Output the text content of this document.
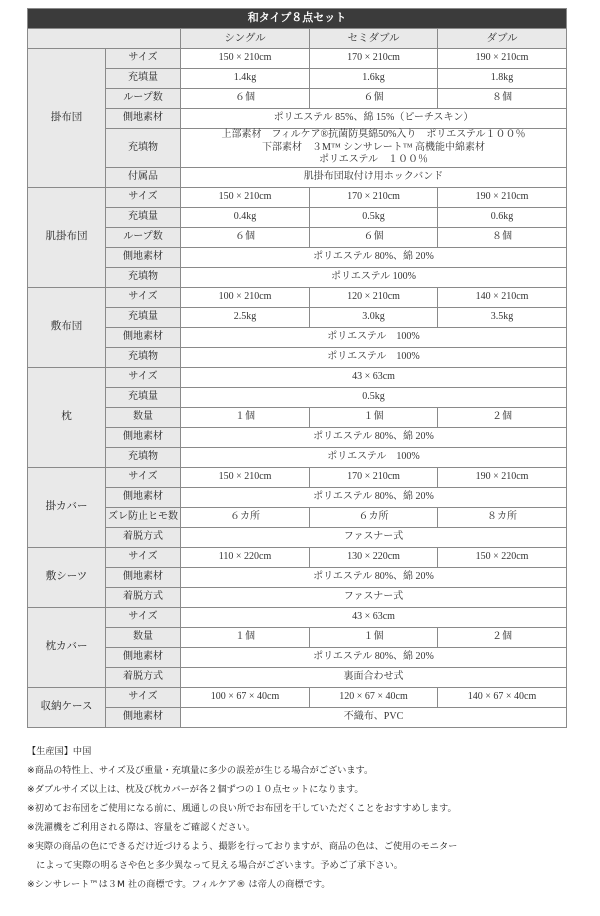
和タイプ８点セット				
		シングル	セミダブル	ダブル
掛布団	サイズ	150 × 210cm	170 × 210cm	190 × 210cm
	充填量	1.4kg	1.6kg	1.8kg
	ループ数	６個	６個	８個
	側地素材	ポリエステル 85%、綿 15%（ピーチスキン）		
	充填物	上部素材　フィルケア®抗菌防臭綿50%入り　ポリエステル１００％
下部素材　３M™ シンサレート™ 高機能中綿素材
ポリエステル　１００％		

	付属品	肌掛布団取付け用ホックバンド		
肌掛布団	サイズ	150 × 210cm	170 × 210cm	190 × 210cm
	充填量	0.4kg	0.5kg	0.6kg
	ループ数	６個	６個	８個
	側地素材	ポリエステル 80%、綿 20%		
	充填物	ポリエステル 100%		
敷布団	サイズ	100 × 210cm	120 × 210cm	140 × 210cm
	充填量	2.5kg	3.0kg	3.5kg
	側地素材	ポリエステル　100%		
	充填物	ポリエステル　100%		
枕	サイズ	43 × 63cm		
	充填量	0.5kg		
	数量	１個	１個	２個
	側地素材	ポリエステル 80%、綿 20%		
	充填物	ポリエステル　100%		
掛カバー	サイズ	150 × 210cm	170 × 210cm	190 × 210cm
	側地素材	ポリエステル 80%、綿 20%		
	ズレ防止ヒモ数	６カ所	６カ所	８カ所
	着脱方式	ファスナー式		
敷シーツ	サイズ	110 × 220cm	130 × 220cm	150 × 220cm
	側地素材	ポリエステル 80%、綿 20%		
	着脱方式	ファスナー式		
枕カバー	サイズ	43 × 63cm		
	数量	１個	１個	２個
	側地素材	ポリエステル 80%、綿 20%		
	着脱方式	裏面合わせ式		
収納ケース	サイズ	100 × 67 × 40cm	120 × 67 × 40cm	140 × 67 × 40cm
	側地素材	不織布、PVC		
【生産国】中国
※商品の特性上、サイズ及び重量・充填量に多少の誤差が生じる場合がございます。
※ダブルサイズ以上は、枕及び枕カバーが各２個ずつの１０点セットになります。
※初めてお布団をご使用になる前に、風通しの良い所でお布団を干していただくことをおすすめします。
※洗濯機をご利用される際は、容量をご確認ください。
※実際の商品の色にできるだけ近づけるよう、撮影を行っておりますが、商品の色は、ご使用のモニター
　によって実際の明るさや色と多少異なって見える場合がございます。予めご了承下さい。
※シンサレート™は３M 社の商標です。フィルケア® は帝人の商標です。
